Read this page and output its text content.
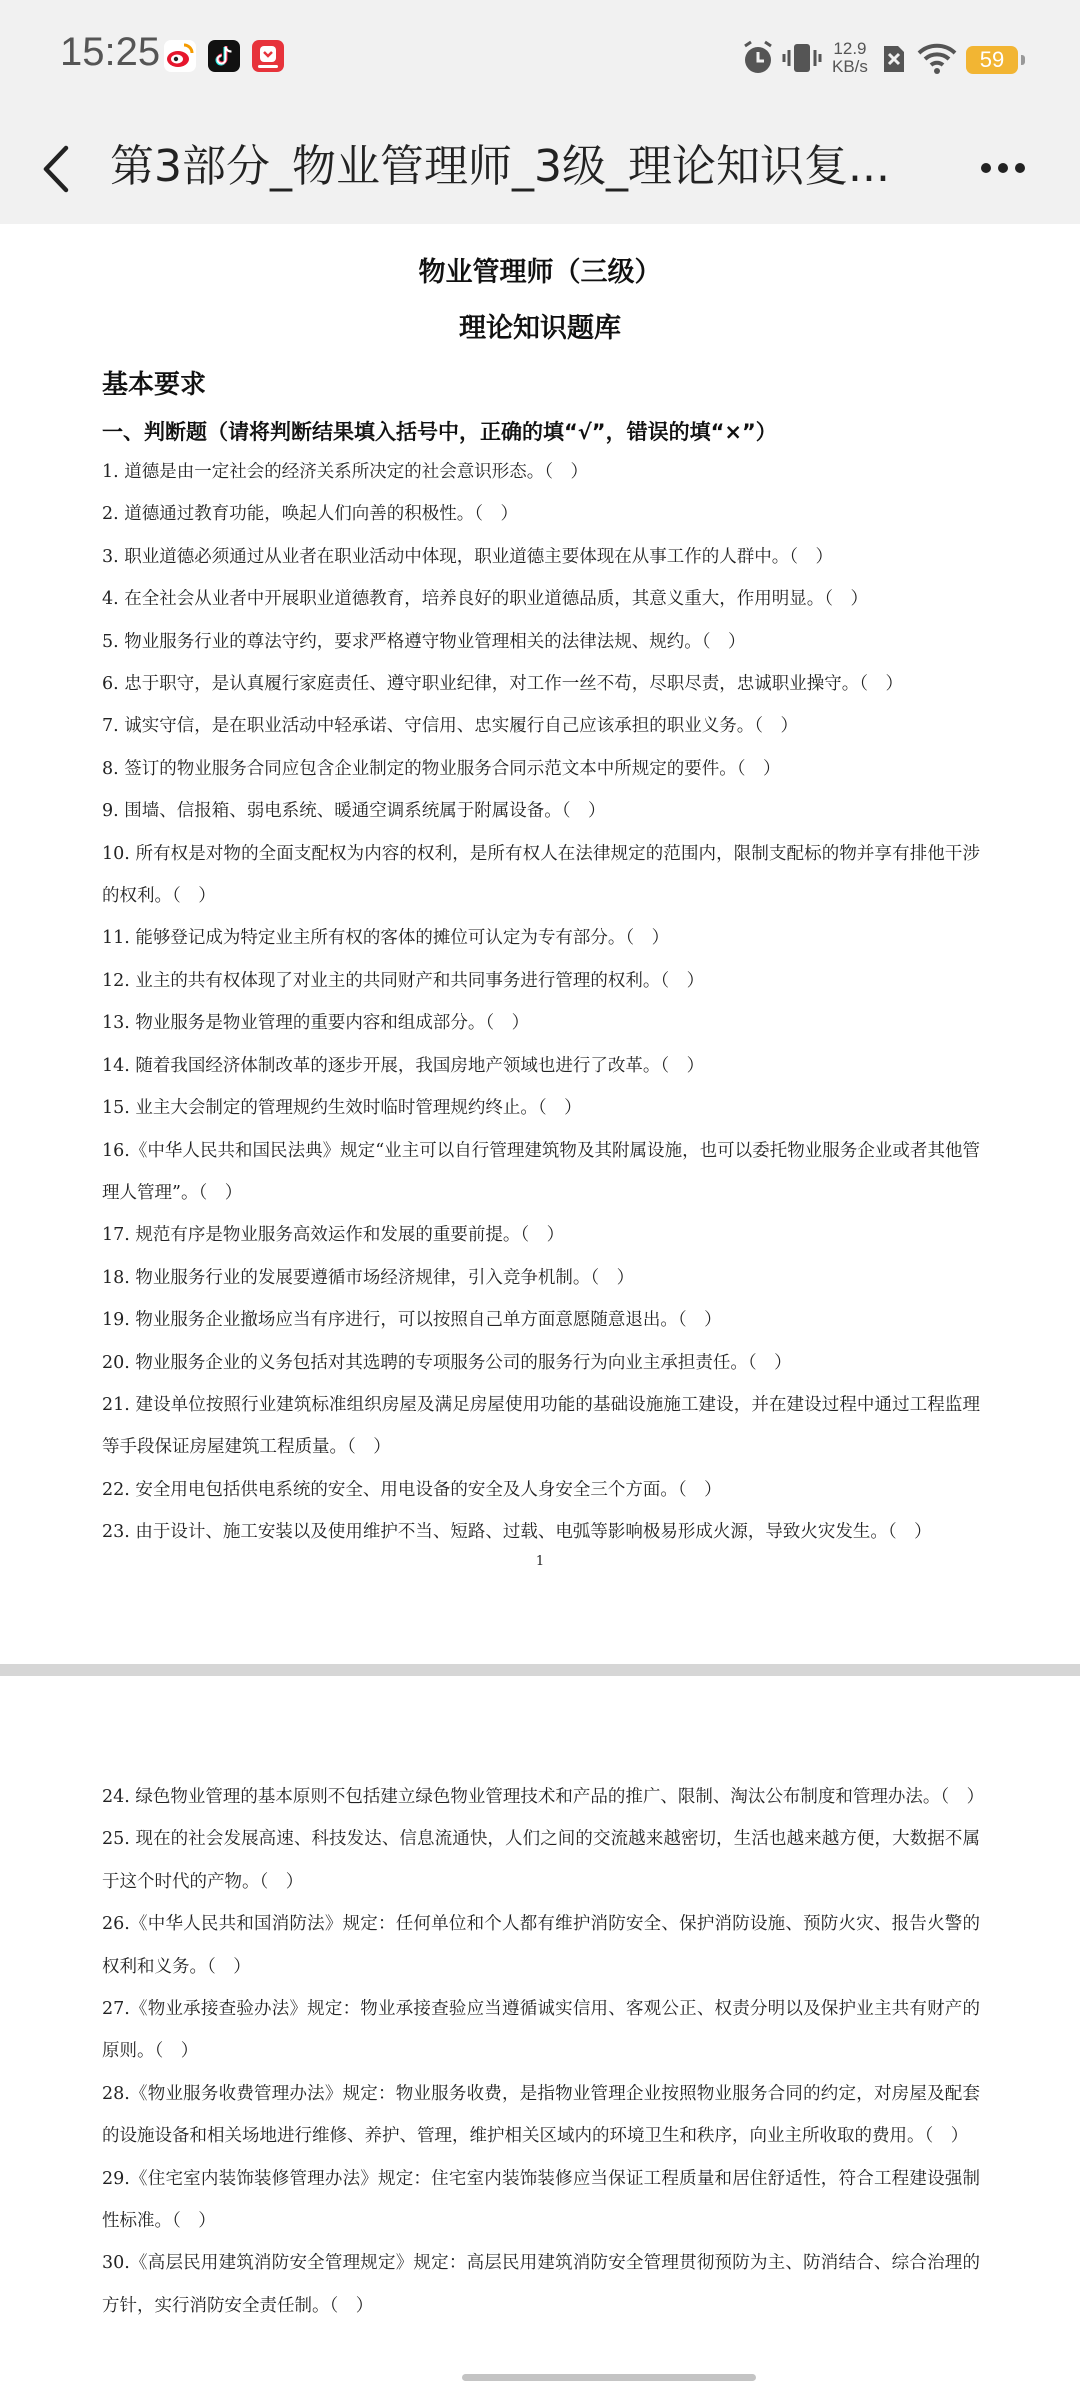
15:25	12.9
KB/s	59
第3部分_物业管理师_3级_理论知识复...
物业管理师（三级）
理论知识题库
基本要求
一、判断题（请将判断结果填入括号中，正确的填“√”，错误的填“×”）
1. 道德是由一定社会的经济关系所决定的社会意识形态。（　）
2. 道德通过教育功能，唤起人们向善的积极性。（　）
3. 职业道德必须通过从业者在职业活动中体现，职业道德主要体现在从事工作的人群中。（　）
4. 在全社会从业者中开展职业道德教育，培养良好的职业道德品质，其意义重大，作用明显。（　）
5. 物业服务行业的尊法守约，要求严格遵守物业管理相关的法律法规、规约。（　）
6. 忠于职守，是认真履行家庭责任、遵守职业纪律，对工作一丝不苟，尽职尽责，忠诚职业操守。（　）
7. 诚实守信，是在职业活动中轻承诺、守信用、忠实履行自己应该承担的职业义务。（　）
8. 签订的物业服务合同应包含企业制定的物业服务合同示范文本中所规定的要件。（　）
9. 围墙、信报箱、弱电系统、暖通空调系统属于附属设备。（　）
10. 所有权是对物的全面支配权为内容的权利，是所有权人在法律规定的范围内，限制支配标的物并享有排他干涉的权利。（　）
11. 能够登记成为特定业主所有权的客体的摊位可认定为专有部分。（　）
12. 业主的共有权体现了对业主的共同财产和共同事务进行管理的权利。（　）
13. 物业服务是物业管理的重要内容和组成部分。（　）
14. 随着我国经济体制改革的逐步开展，我国房地产领域也进行了改革。（　）
15. 业主大会制定的管理规约生效时临时管理规约终止。（　）
16.《中华人民共和国民法典》规定“业主可以自行管理建筑物及其附属设施，也可以委托物业服务企业或者其他管理人管理”。（　）
17. 规范有序是物业服务高效运作和发展的重要前提。（　）
18. 物业服务行业的发展要遵循市场经济规律，引入竞争机制。（　）
19. 物业服务企业撤场应当有序进行，可以按照自己单方面意愿随意退出。（　）
20. 物业服务企业的义务包括对其选聘的专项服务公司的服务行为向业主承担责任。（　）
21. 建设单位按照行业建筑标准组织房屋及满足房屋使用功能的基础设施施工建设，并在建设过程中通过工程监理等手段保证房屋建筑工程质量。（　）
22. 安全用电包括供电系统的安全、用电设备的安全及人身安全三个方面。（　）
23. 由于设计、施工安装以及使用维护不当、短路、过载、电弧等影响极易形成火源，导致火灾发生。（　）
1
24. 绿色物业管理的基本原则不包括建立绿色物业管理技术和产品的推广、限制、淘汰公布制度和管理办法。（　）
25. 现在的社会发展高速、科技发达、信息流通快，人们之间的交流越来越密切，生活也越来越方便，大数据不属于这个时代的产物。（　）
26.《中华人民共和国消防法》规定：任何单位和个人都有维护消防安全、保护消防设施、预防火灾、报告火警的权利和义务。（　）
27.《物业承接查验办法》规定：物业承接查验应当遵循诚实信用、客观公正、权责分明以及保护业主共有财产的原则。（　）
28.《物业服务收费管理办法》规定：物业服务收费，是指物业管理企业按照物业服务合同的约定，对房屋及配套的设施设备和相关场地进行维修、养护、管理，维护相关区域内的环境卫生和秩序，向业主所收取的费用。（　）
29.《住宅室内装饰装修管理办法》规定：住宅室内装饰装修应当保证工程质量和居住舒适性，符合工程建设强制性标准。（　）
30.《高层民用建筑消防安全管理规定》规定：高层民用建筑消防安全管理贯彻预防为主、防消结合、综合治理的方针，实行消防安全责任制。（　）
